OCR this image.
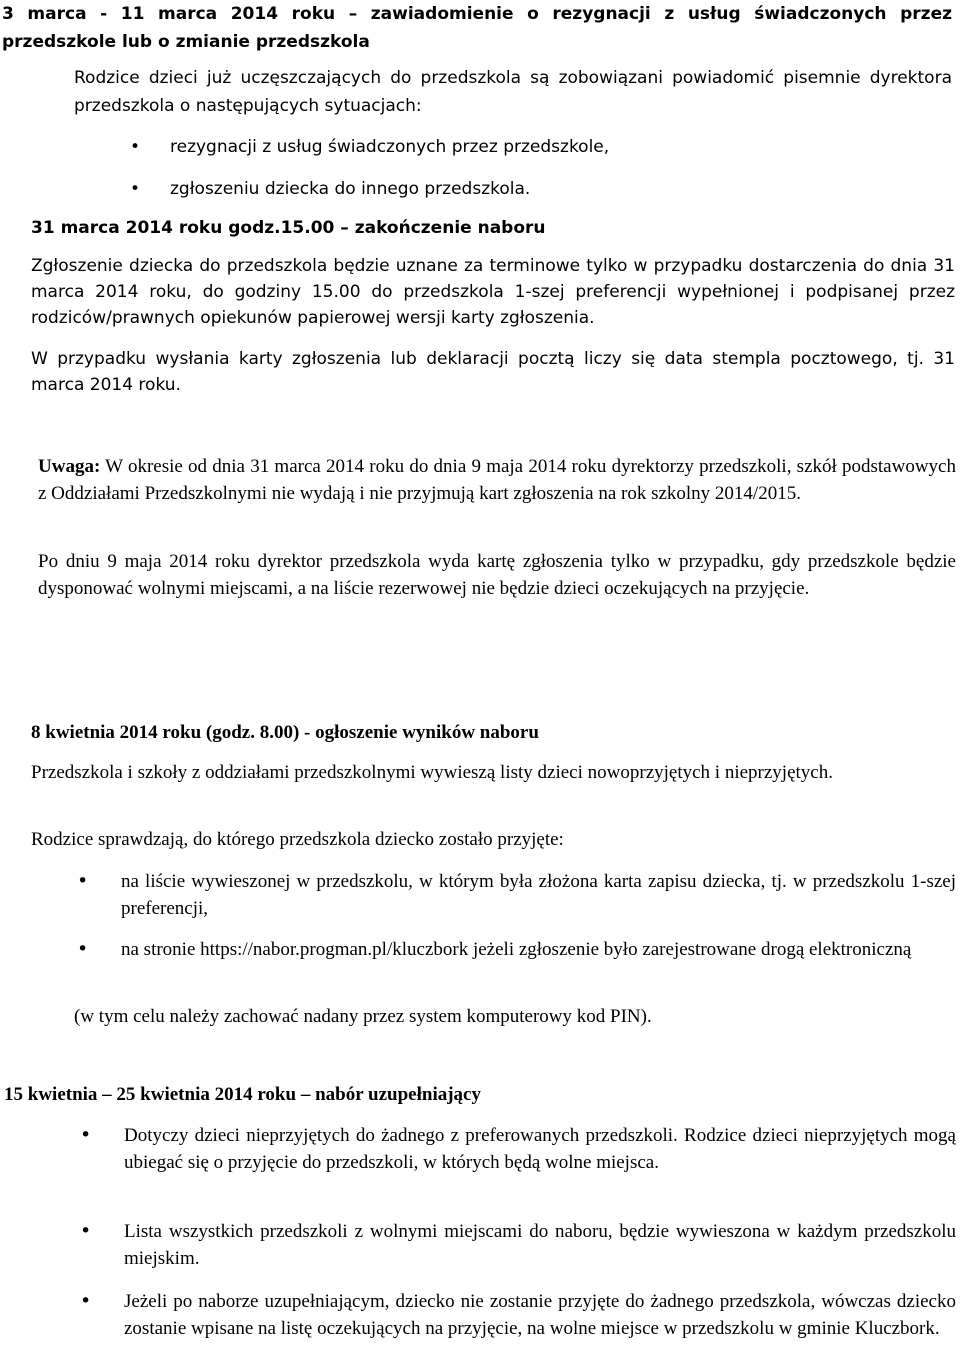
3 marca - 11 marca 2014 roku – zawiadomienie o rezygnacji z usług świadczonych przez przedszkole lub o zmianie przedszkola
Rodzice dzieci już uczęszczających do przedszkola są zobowiązani powiadomić pisemnie dyrektora przedszkola o następujących sytuacjach:
• rezygnacji z usług świadczonych przez przedszkole,
• zgłoszeniu dziecka do innego przedszkola.
31 marca 2014 roku godz.15.00 – zakończenie naboru
Zgłoszenie dziecka do przedszkola będzie uznane za terminowe tylko w przypadku dostarczenia do dnia 31 marca 2014 roku, do godziny 15.00 do przedszkola 1-szej preferencji wypełnionej i podpisanej przez rodziców/prawnych opiekunów papierowej wersji karty zgłoszenia.
W przypadku wysłania karty zgłoszenia lub deklaracji pocztą liczy się data stempla pocztowego, tj. 31 marca 2014 roku.
Uwaga: W okresie od dnia 31 marca 2014 roku do dnia 9 maja 2014 roku dyrektorzy przedszkoli, szkół podstawowych z Oddziałami Przedszkolnymi nie wydają i nie przyjmują kart zgłoszenia na rok szkolny 2014/2015.
Po dniu 9 maja 2014 roku dyrektor przedszkola wyda kartę zgłoszenia tylko w przypadku, gdy przedszkole będzie dysponować wolnymi miejscami, a na liście rezerwowej nie będzie dzieci oczekujących na przyjęcie.
8 kwietnia 2014 roku (godz. 8.00) - ogłoszenie wyników naboru
Przedszkola i szkoły z oddziałami przedszkolnymi wywieszą listy dzieci nowoprzyjętych i nieprzyjętych.
Rodzice sprawdzają, do którego przedszkola dziecko zostało przyjęte:
• na liście wywieszonej w przedszkolu, w którym była złożona karta zapisu dziecka, tj. w przedszkolu 1-szej preferencji,
• na stronie https://nabor.progman.pl/kluczbork jeżeli zgłoszenie było zarejestrowane drogą elektroniczną
(w tym celu należy zachować nadany przez system komputerowy kod PIN).
15 kwietnia – 25 kwietnia 2014 roku – nabór uzupełniający
• Dotyczy dzieci nieprzyjętych do żadnego z preferowanych przedszkoli. Rodzice dzieci nieprzyjętych mogą ubiegać się o przyjęcie do przedszkoli, w których będą wolne miejsca.
• Lista wszystkich przedszkoli z wolnymi miejscami do naboru, będzie wywieszona w każdym przedszkolu miejskim.
• Jeżeli po naborze uzupełniającym, dziecko nie zostanie przyjęte do żadnego przedszkola, wówczas dziecko zostanie wpisane na listę oczekujących na przyjęcie, na wolne miejsce w przedszkolu w gminie Kluczbork.
